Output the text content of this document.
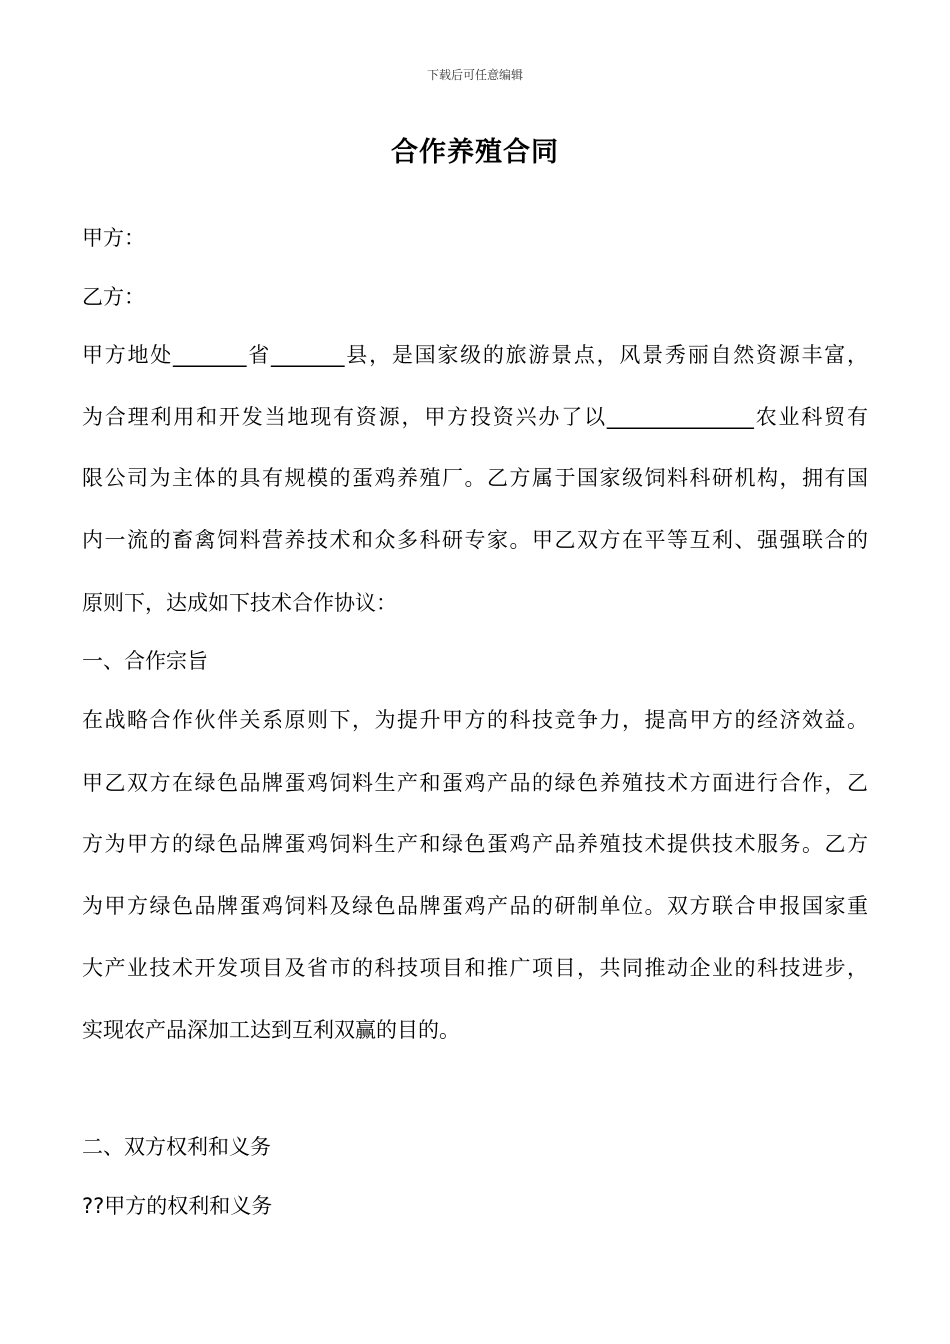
下载后可任意编辑
合作养殖合同
甲方：
乙方：
甲方地处_______省_______县，是国家级的旅游景点，风景秀丽自然资源丰富，
为合理利用和开发当地现有资源，甲方投资兴办了以______________农业科贸有
限公司为主体的具有规模的蛋鸡养殖厂。乙方属于国家级饲料科研机构，拥有国
内一流的畜禽饲料营养技术和众多科研专家。甲乙双方在平等互利、强强联合的
原则下，达成如下技术合作协议：
一、合作宗旨
在战略合作伙伴关系原则下，为提升甲方的科技竞争力，提高甲方的经济效益。
甲乙双方在绿色品牌蛋鸡饲料生产和蛋鸡产品的绿色养殖技术方面进行合作，乙
方为甲方的绿色品牌蛋鸡饲料生产和绿色蛋鸡产品养殖技术提供技术服务。乙方
为甲方绿色品牌蛋鸡饲料及绿色品牌蛋鸡产品的研制单位。双方联合申报国家重
大产业技术开发项目及省市的科技项目和推广项目，共同推动企业的科技进步，
实现农产品深加工达到互利双赢的目的。
二、双方权利和义务
??甲方的权利和义务
